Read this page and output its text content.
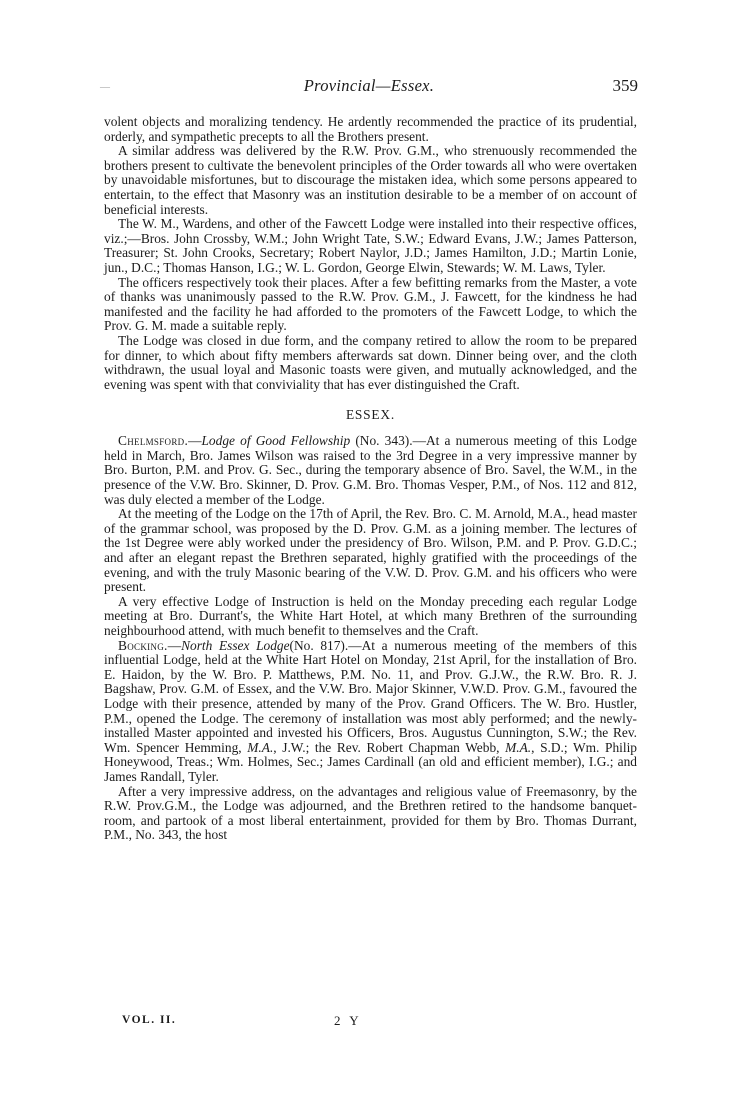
—	Provincial—Essex.	359

volent objects and moralizing tendency. He ardently recommended the practice of its prudential, orderly, and sympathetic precepts to all the Brothers present.

A similar address was delivered by the R.W. Prov. G.M., who strenuously recommended the brothers present to cultivate the benevolent principles of the Order towards all who were overtaken by unavoidable misfortunes, but to discourage the mistaken idea, which some persons appeared to entertain, to the effect that Masonry was an institution desirable to be a member of on account of beneficial interests.

The W. M., Wardens, and other of the Fawcett Lodge were installed into their respective offices, viz.;—Bros. John Crossby, W.M.; John Wright Tate, S.W.; Edward Evans, J.W.; James Patterson, Treasurer; St. John Crooks, Secretary; Robert Naylor, J.D.; James Hamilton, J.D.; Martin Lonie, jun., D.C.; Thomas Hanson, I.G.; W. L. Gordon, George Elwin, Stewards; W. M. Laws, Tyler.

The officers respectively took their places. After a few befitting remarks from the Master, a vote of thanks was unanimously passed to the R.W. Prov. G.M., J. Fawcett, for the kindness he had manifested and the facility he had afforded to the promoters of the Fawcett Lodge, to which the Prov. G. M. made a suitable reply.

The Lodge was closed in due form, and the company retired to allow the room to be prepared for dinner, to which about fifty members afterwards sat down. Dinner being over, and the cloth withdrawn, the usual loyal and Masonic toasts were given, and mutually acknowledged, and the evening was spent with that conviviality that has ever distinguished the Craft.

ESSEX.

Chelmsford.—Lodge of Good Fellowship (No. 343).—At a numerous meeting of this Lodge held in March, Bro. James Wilson was raised to the 3rd Degree in a very impressive manner by Bro. Burton, P.M. and Prov. G. Sec., during the temporary absence of Bro. Savel, the W.M., in the presence of the V.W. Bro. Skinner, D. Prov. G.M. Bro. Thomas Vesper, P.M., of Nos. 112 and 812, was duly elected a member of the Lodge.

At the meeting of the Lodge on the 17th of April, the Rev. Bro. C. M. Arnold, M.A., head master of the grammar school, was proposed by the D. Prov. G.M. as a joining member. The lectures of the 1st Degree were ably worked under the presidency of Bro. Wilson, P.M. and P. Prov. G.D.C.; and after an elegant repast the Brethren separated, highly gratified with the proceedings of the evening, and with the truly Masonic bearing of the V.W. D. Prov. G.M. and his officers who were present.

A very effective Lodge of Instruction is held on the Monday preceding each regular Lodge meeting at Bro. Durrant's, the White Hart Hotel, at which many Brethren of the surrounding neighbourhood attend, with much benefit to themselves and the Craft.

Bocking.—North Essex Lodge(No. 817).—At a numerous meeting of the members of this influential Lodge, held at the White Hart Hotel on Monday, 21st April, for the installation of Bro. E. Haidon, by the W. Bro. P. Matthews, P.M. No. 11, and Prov. G.J.W., the R.W. Bro. R. J. Bagshaw, Prov. G.M. of Essex, and the V.W. Bro. Major Skinner, V.W.D. Prov. G.M., favoured the Lodge with their presence, attended by many of the Prov. Grand Officers. The W. Bro. Hustler, P.M., opened the Lodge. The ceremony of installation was most ably performed; and the newly-installed Master appointed and invested his Officers, Bros. Augustus Cunnington, S.W.; the Rev. Wm. Spencer Hemming, M.A., J.W.; the Rev. Robert Chapman Webb, M.A., S.D.; Wm. Philip Honeywood, Treas.; Wm. Holmes, Sec.; James Cardinall (an old and efficient member), I.G.; and James Randall, Tyler.

After a very impressive address, on the advantages and religious value of Freemasonry, by the R.W. Prov.G.M., the Lodge was adjourned, and the Brethren retired to the handsome banquet-room, and partook of a most liberal entertainment, provided for them by Bro. Thomas Durrant, P.M., No. 343, the host

VOL. II.	2 Y
